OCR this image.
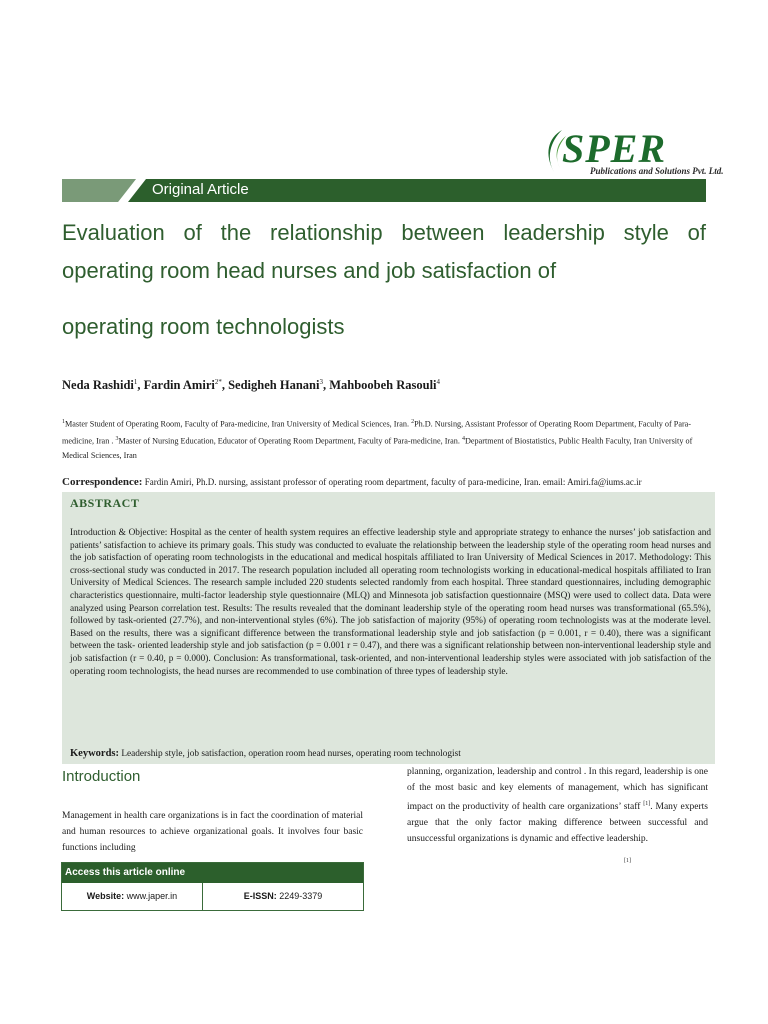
SPER
Publications and Solutions Pvt. Ltd.
Original Article
Evaluation of the relationship between leadership style of
operating room head nurses and job satisfaction of
operating room technologists
Neda Rashidi$^1$, Fardin Amiri$^{2*}$, Sedigheh Hanani$^3$, Mahboobeh Rasouli$^4$
$^1$Master Student of Operating Room, Faculty of Para-medicine, Iran University of Medical Sciences, Iran. $^2$Ph.D. Nursing, Assistant Professor of Operating Room Department, Faculty of Para-medicine, Iran . $^3$Master of Nursing Education, Educator of Operating Room Department, Faculty of Para-medicine, Iran. $^4$Department of Biostatistics, Public Health Faculty, Iran University of Medical Sciences, Iran
Correspondence: Fardin Amiri, Ph.D. nursing, assistant professor of operating room department, faculty of para-medicine, Iran. email: Amiri.fa@iums.ac.ir
ABSTRACT
Introduction & Objective: Hospital as the center of health system requires an effective leadership style and appropriate strategy to enhance the nurses’ job satisfaction and patients’ satisfaction to achieve its primary goals. This study was conducted to evaluate the relationship between the leadership style of the operating room head nurses and the job satisfaction of operating room technologists in the educational and medical hospitals affiliated to Iran University of Medical Sciences in 2017. Methodology: This cross-sectional study was conducted in 2017. The research population included all operating room technologists working in educational-medical hospitals affiliated to Iran University of Medical Sciences. The research sample included 220 students selected randomly from each hospital. Three standard questionnaires, including demographic characteristics questionnaire, multi-factor leadership style questionnaire (MLQ) and Minnesota job satisfaction questionnaire (MSQ) were used to collect data. Data were analyzed using Pearson correlation test. Results: The results revealed that the dominant leadership style of the operating room head nurses was transformational (65.5%), followed by task-oriented (27.7%), and non-interventional styles (6%). The job satisfaction of majority (95%) of operating room technologists was at the moderate level. Based on the results, there was a significant difference between the transformational leadership style and job satisfaction (p = 0.001, r = 0.40), there was a significant between the task- oriented leadership style and job satisfaction (p = 0.001 r = 0.47), and there was a significant relationship between non-interventional leadership style and job satisfaction (r = 0.40, p = 0.000). Conclusion: As transformational, task-oriented, and non-interventional leadership styles were associated with job satisfaction of the operating room technologists, the head nurses are recommended to use combination of three types of leadership style.
Keywords: Leadership style, job satisfaction, operation room head nurses, operating room technologist
Introduction
Management in health care organizations is in fact the coordination of material and human resources to achieve organizational goals. It involves four basic functions including
Access this article online
Website: www.japer.in	E-ISSN: 2249-3379
planning, organization, leadership and control . In this regard, leadership is one of the most basic and key elements of management, which has significant impact on the productivity of health care organizations’ staff [1]. Many experts argue that the only factor making difference between successful and unsuccessful organizations is dynamic and effective leadership.
[1]
